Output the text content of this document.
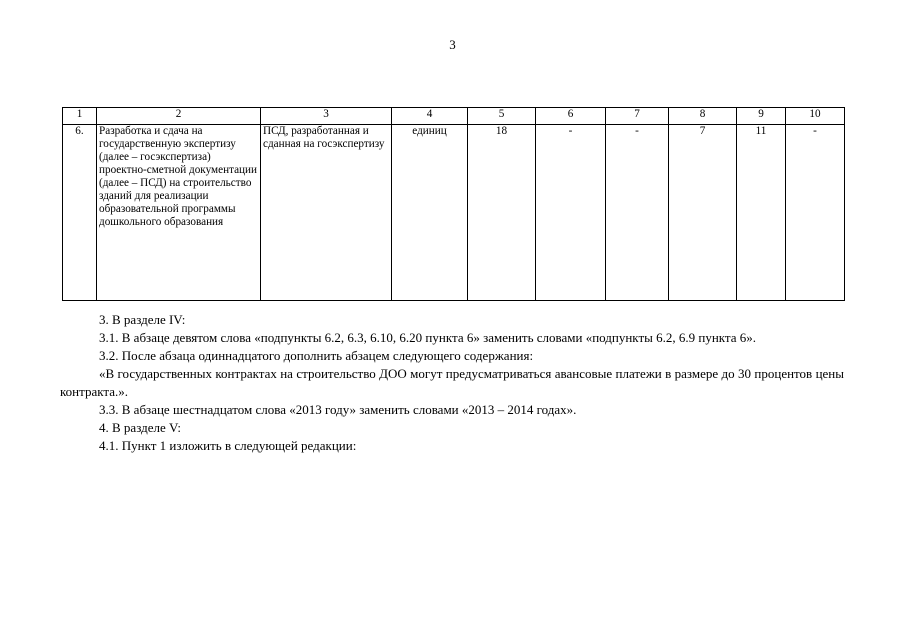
3
1	2	3	4	5	6	7	8	9	10
6.	Разработка и сдача на государственную экспертизу (далее – госэкспертиза) проектно-сметной документации (далее – ПСД) на строительство зданий для реализации образовательной программы дошкольного образования	ПСД, разработанная и сданная на госэкспертизу	единиц	18	-	-	7	11	-

3. В разделе IV:

3.1. В абзаце девятом слова «подпункты 6.2, 6.3, 6.10, 6.20 пункта 6» заменить словами «подпункты 6.2, 6.9 пункта 6».

3.2. После абзаца одиннадцатого дополнить абзацем следующего содержания:

«В государственных контрактах на строительство ДОО могут предусматриваться авансовые платежи в размере до 30 процентов цены контракта.».

3.3. В абзаце шестнадцатом слова «2013 году» заменить словами «2013 – 2014 годах».

4. В разделе V:

4.1. Пункт 1 изложить в следующей редакции:
